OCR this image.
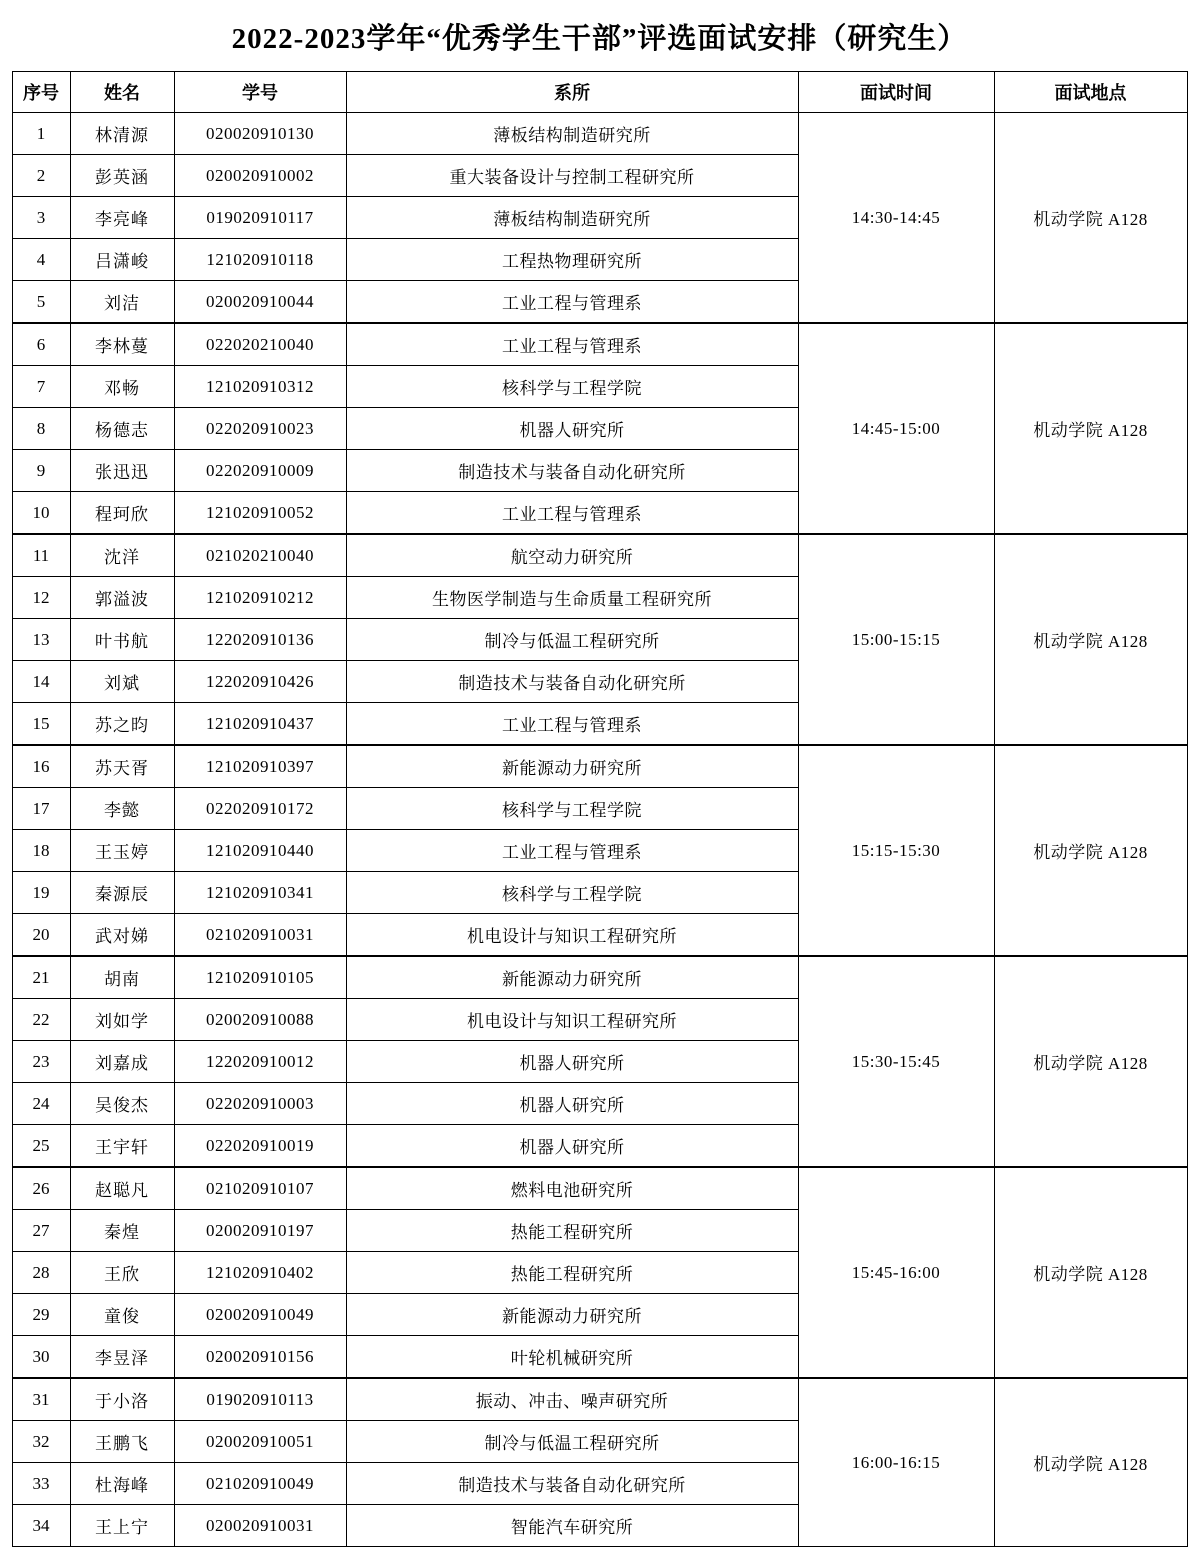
2022-2023学年“优秀学生干部”评选面试安排（研究生）
序号	姓名	学号	系所	面试时间	面试地点
1	林清源	020020910130	薄板结构制造研究所	14:30-14:45	机动学院 A128
2	彭英涵	020020910002	重大装备设计与控制工程研究所		
3	李亮峰	019020910117	薄板结构制造研究所		
4	吕潇峻	121020910118	工程热物理研究所		
5	刘洁	020020910044	工业工程与管理系		
6	李林蔓	022020210040	工业工程与管理系	14:45-15:00	机动学院 A128
7	邓畅	121020910312	核科学与工程学院		
8	杨德志	022020910023	机器人研究所		
9	张迅迅	022020910009	制造技术与装备自动化研究所		
10	程珂欣	121020910052	工业工程与管理系		
11	沈洋	021020210040	航空动力研究所	15:00-15:15	机动学院 A128
12	郭溢波	121020910212	生物医学制造与生命质量工程研究所		
13	叶书航	122020910136	制冷与低温工程研究所		
14	刘斌	122020910426	制造技术与装备自动化研究所		
15	苏之昀	121020910437	工业工程与管理系		
16	苏天胥	121020910397	新能源动力研究所	15:15-15:30	机动学院 A128
17	李懿	022020910172	核科学与工程学院		
18	王玉婷	121020910440	工业工程与管理系		
19	秦源辰	121020910341	核科学与工程学院		
20	武对娣	021020910031	机电设计与知识工程研究所		
21	胡南	121020910105	新能源动力研究所	15:30-15:45	机动学院 A128
22	刘如学	020020910088	机电设计与知识工程研究所		
23	刘嘉成	122020910012	机器人研究所		
24	吴俊杰	022020910003	机器人研究所		
25	王宇轩	022020910019	机器人研究所		
26	赵聪凡	021020910107	燃料电池研究所	15:45-16:00	机动学院 A128
27	秦煌	020020910197	热能工程研究所		
28	王欣	121020910402	热能工程研究所		
29	童俊	020020910049	新能源动力研究所		
30	李昱泽	020020910156	叶轮机械研究所		
31	于小洛	019020910113	振动、冲击、噪声研究所	16:00-16:15	机动学院 A128
32	王鹏飞	020020910051	制冷与低温工程研究所		
33	杜海峰	021020910049	制造技术与装备自动化研究所		
34	王上宁	020020910031	智能汽车研究所		
